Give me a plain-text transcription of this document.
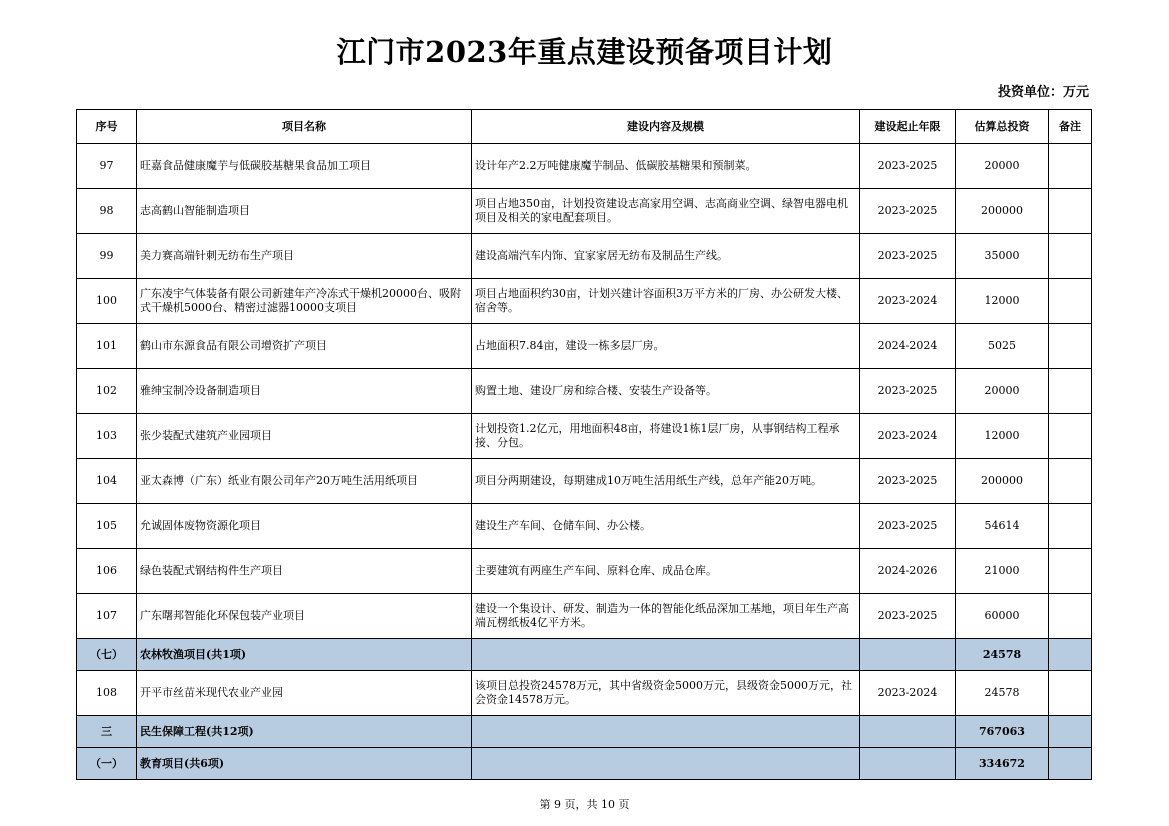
江门市2023年重点建设预备项目计划
投资单位：万元
序号	项目名称	建设内容及规模	建设起止年限	估算总投资	备注
97	旺嘉食品健康魔芋与低碳胶基糖果食品加工项目	设计年产2.2万吨健康魔芋制品、低碳胶基糖果和预制菜。	2023-2025	20000	
98	志高鹤山智能制造项目	项目占地350亩，计划投资建设志高家用空调、志高商业空调、绿智电器电机项目及相关的家电配套项目。	2023-2025	200000	
99	美力赛高端针刺无纺布生产项目	建设高端汽车内饰、宜家家居无纺布及制品生产线。	2023-2025	35000	
100	广东凌宇气体装备有限公司新建年产冷冻式干燥机20000台、吸附式干燥机5000台、精密过滤器10000支项目	项目占地面积约30亩，计划兴建计容面积3万平方米的厂房、办公研发大楼、宿舍等。	2023-2024	12000	
101	鹤山市东源食品有限公司增资扩产项目	占地面积7.84亩，建设一栋多层厂房。	2024-2024	5025	
102	雅绅宝制冷设备制造项目	购置土地、建设厂房和综合楼、安装生产设备等。	2023-2025	20000	
103	张少装配式建筑产业园项目	计划投资1.2亿元，用地面积48亩，将建设1栋1层厂房，从事钢结构工程承接、分包。	2023-2024	12000	
104	亚太森博（广东）纸业有限公司年产20万吨生活用纸项目	项目分两期建设，每期建成10万吨生活用纸生产线，总年产能20万吨。	2023-2025	200000	
105	允诚固体废物资源化项目	建设生产车间、仓储车间、办公楼。	2023-2025	54614	
106	绿色装配式钢结构件生产项目	主要建筑有两座生产车间、原料仓库、成品仓库。	2024-2026	21000	
107	广东曙邦智能化环保包装产业项目	建设一个集设计、研发、制造为一体的智能化纸品深加工基地，项目年生产高端瓦楞纸板4亿平方米。	2023-2025	60000	
（七）	农林牧渔项目(共1项)			24578	
108	开平市丝苗米现代农业产业园	该项目总投资24578万元，其中省级资金5000万元，县级资金5000万元，社会资金14578万元。	2023-2024	24578	
三	民生保障工程(共12项)			767063	
（一）	教育项目(共6项)			334672	
第 9 页，共 10 页
